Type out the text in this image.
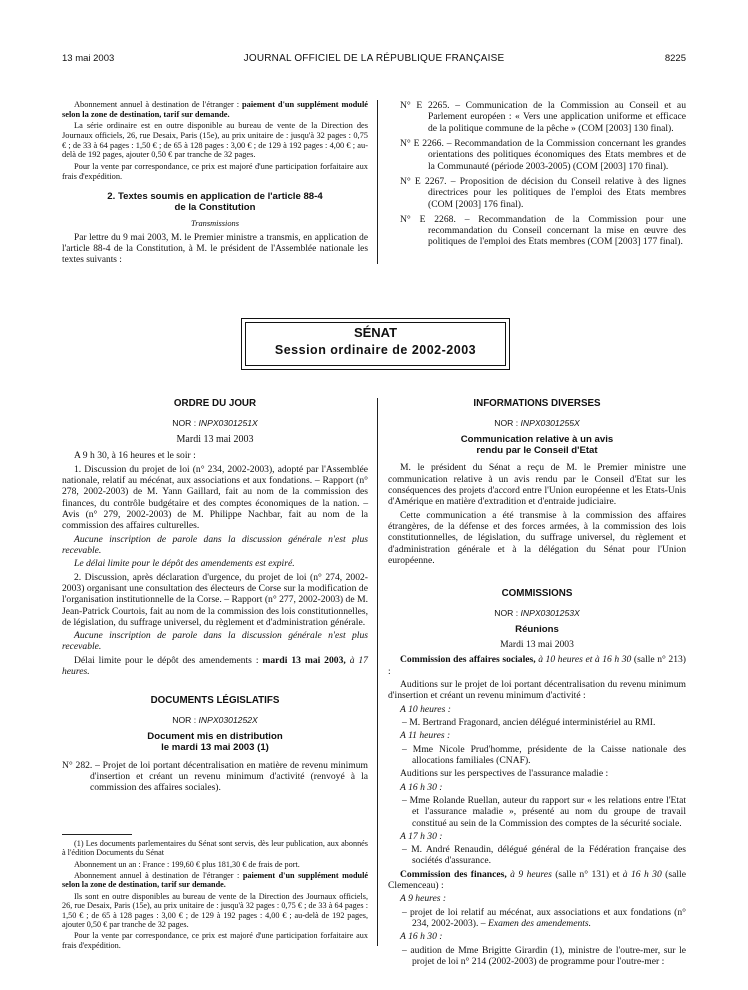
13 mai 2003	JOURNAL OFFICIEL DE LA RÉPUBLIQUE FRANÇAISE	8225

Abonnement annuel à destination de l'étranger : paiement d'un supplément modulé selon la zone de destination, tarif sur demande.

La série ordinaire est en outre disponible au bureau de vente de la Direction des Journaux officiels, 26, rue Desaix, Paris (15e), au prix unitaire de : jusqu'à 32 pages : 0,75 € ; de 33 à 64 pages : 1,50 € ; de 65 à 128 pages : 3,00 € ; de 129 à 192 pages : 4,00 € ; au-delà de 192 pages, ajouter 0,50 € par tranche de 32 pages.

Pour la vente par correspondance, ce prix est majoré d'une participation forfaitaire aux frais d'expédition.

2. Textes soumis en application de l'article 88-4
de la Constitution

Transmissions

Par lettre du 9 mai 2003, M. le Premier ministre a transmis, en application de l'article 88-4 de la Constitution, à M. le président de l'Assemblée nationale les textes suivants :

N° E 2265. – Communication de la Commission au Conseil et au Parlement européen : « Vers une application uniforme et efficace de la politique commune de la pêche » (COM [2003] 130 final).

N° E 2266. – Recommandation de la Commission concernant les grandes orientations des politiques économiques des Etats membres et de la Communauté (période 2003-2005) (COM [2003] 170 final).

N° E 2267. – Proposition de décision du Conseil relative à des lignes directrices pour les politiques de l'emploi des Etats membres (COM [2003] 176 final).

N° E 2268. – Recommandation de la Commission pour une recommandation du Conseil concernant la mise en œuvre des politiques de l'emploi des Etats membres (COM [2003] 177 final).

SÉNAT
Session ordinaire de 2002-2003
ORDRE DU JOUR
NOR : INPX0301251X

Mardi 13 mai 2003

A 9 h 30, à 16 heures et le soir :

1. Discussion du projet de loi (n° 234, 2002-2003), adopté par l'Assemblée nationale, relatif au mécénat, aux associations et aux fondations. – Rapport (n° 278, 2002-2003) de M. Yann Gaillard, fait au nom de la commission des finances, du contrôle budgétaire et des comptes économiques de la nation. – Avis (n° 279, 2002-2003) de M. Philippe Nachbar, fait au nom de la commission des affaires culturelles.

Aucune inscription de parole dans la discussion générale n'est plus recevable.

Le délai limite pour le dépôt des amendements est expiré.

2. Discussion, après déclaration d'urgence, du projet de loi (n° 274, 2002-2003) organisant une consultation des électeurs de Corse sur la modification de l'organisation institutionnelle de la Corse. – Rapport (n° 277, 2002-2003) de M. Jean-Patrick Courtois, fait au nom de la commission des lois constitutionnelles, de législation, du suffrage universel, du règlement et d'administration générale.

Aucune inscription de parole dans la discussion générale n'est plus recevable.

Délai limite pour le dépôt des amendements : mardi 13 mai 2003, à 17 heures.

DOCUMENTS LÉGISLATIFS
NOR : INPX0301252X
Document mis en distribution
le mardi 13 mai 2003 (1)

N° 282. – Projet de loi portant décentralisation en matière de revenu minimum d'insertion et créant un revenu minimum d'activité (renvoyé à la commission des affaires sociales).

(1) Les documents parlementaires du Sénat sont servis, dès leur publication, aux abonnés à l'édition Documents du Sénat

Abonnement un an : France : 199,60 € plus 181,30 € de frais de port.

Abonnement annuel à destination de l'étranger : paiement d'un supplément modulé selon la zone de destination, tarif sur demande.

Ils sont en outre disponibles au bureau de vente de la Direction des Journaux officiels, 26, rue Desaix, Paris (15e), au prix unitaire de : jusqu'à 32 pages : 0,75 € ; de 33 à 64 pages : 1,50 € ; de 65 à 128 pages : 3,00 € ; de 129 à 192 pages : 4,00 € ; au-delà de 192 pages, ajouter 0,50 € par tranche de 32 pages.

Pour la vente par correspondance, ce prix est majoré d'une participation forfaitaire aux frais d'expédition.

INFORMATIONS DIVERSES
NOR : INPX0301255X
Communication relative à un avis
rendu par le Conseil d'Etat

M. le président du Sénat a reçu de M. le Premier ministre une communication relative à un avis rendu par le Conseil d'Etat sur les conséquences des projets d'accord entre l'Union européenne et les Etats-Unis d'Amérique en matière d'extradition et d'entraide judiciaire.

Cette communication a été transmise à la commission des affaires étrangères, de la défense et des forces armées, à la commission des lois constitutionnelles, de législation, du suffrage universel, du règlement et d'administration générale et à la délégation du Sénat pour l'Union européenne.

COMMISSIONS
NOR : INPX0301253X
Réunions

Mardi 13 mai 2003

Commission des affaires sociales, à 10 heures et à 16 h 30 (salle n° 213) :

Auditions sur le projet de loi portant décentralisation du revenu minimum d'insertion et créant un revenu minimum d'activité :

A 10 heures :

– M. Bertrand Fragonard, ancien délégué interministériel au RMI.

A 11 heures :

– Mme Nicole Prud'homme, présidente de la Caisse nationale des allocations familiales (CNAF).

Auditions sur les perspectives de l'assurance maladie :

A 16 h 30 :

– Mme Rolande Ruellan, auteur du rapport sur « les relations entre l'Etat et l'assurance maladie », présenté au nom du groupe de travail constitué au sein de la Commission des comptes de la sécurité sociale.

A 17 h 30 :

– M. André Renaudin, délégué général de la Fédération française des sociétés d'assurance.

Commission des finances, à 9 heures (salle n° 131) et à 16 h 30 (salle Clemenceau) :

A 9 heures :

– projet de loi relatif au mécénat, aux associations et aux fondations (n° 234, 2002-2003). – Examen des amendements.

A 16 h 30 :

– audition de Mme Brigitte Girardin (1), ministre de l'outre-mer, sur le projet de loi n° 214 (2002-2003) de programme pour l'outre-mer :
